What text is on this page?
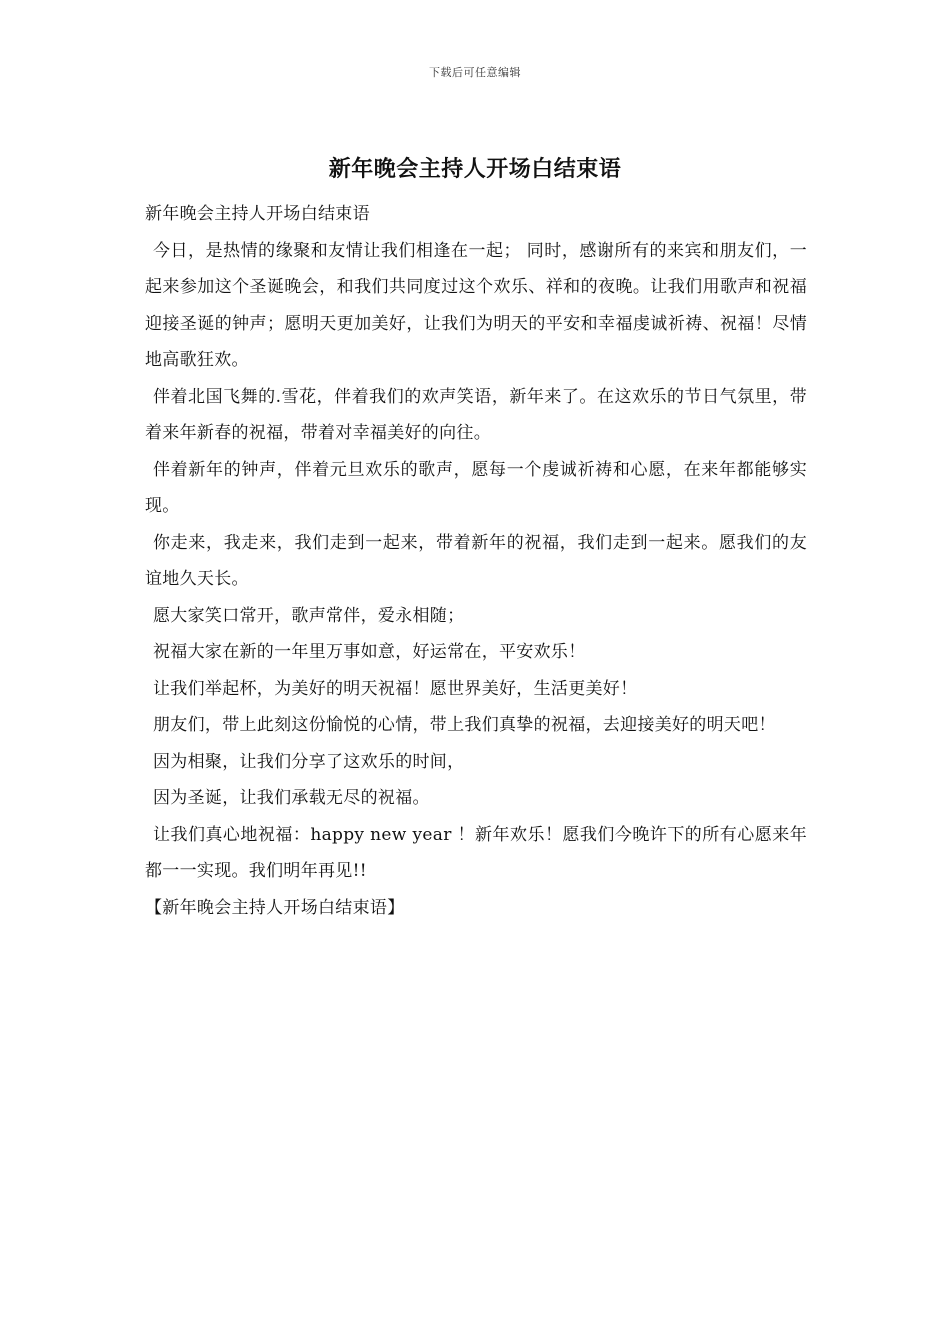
下载后可任意编辑
新年晚会主持人开场白结束语

新年晚会主持人开场白结束语

今日，是热情的缘聚和友情让我们相逢在一起； 同时，感谢所有的来宾和朋友们，一起来参加这个圣诞晚会，和我们共同度过这个欢乐、祥和的夜晚。让我们用歌声和祝福迎接圣诞的钟声；愿明天更加美好，让我们为明天的平安和幸福虔诚祈祷、祝福！尽情地高歌狂欢。

伴着北国飞舞的.雪花，伴着我们的欢声笑语，新年来了。在这欢乐的节日气氛里，带着来年新春的祝福，带着对幸福美好的向往。

伴着新年的钟声，伴着元旦欢乐的歌声，愿每一个虔诚祈祷和心愿，在来年都能够实现。

你走来，我走来，我们走到一起来，带着新年的祝福，我们走到一起来。愿我们的友谊地久天长。

愿大家笑口常开，歌声常伴，爱永相随；

祝福大家在新的一年里万事如意，好运常在，平安欢乐！

让我们举起杯，为美好的明天祝福！愿世界美好，生活更美好！

朋友们，带上此刻这份愉悦的心情，带上我们真挚的祝福，去迎接美好的明天吧！

因为相聚，让我们分享了这欢乐的时间，

因为圣诞，让我们承载无尽的祝福。

让我们真心地祝福：happy new year ！新年欢乐！愿我们今晚许下的所有心愿来年都一一实现。我们明年再见!!

【新年晚会主持人开场白结束语】
